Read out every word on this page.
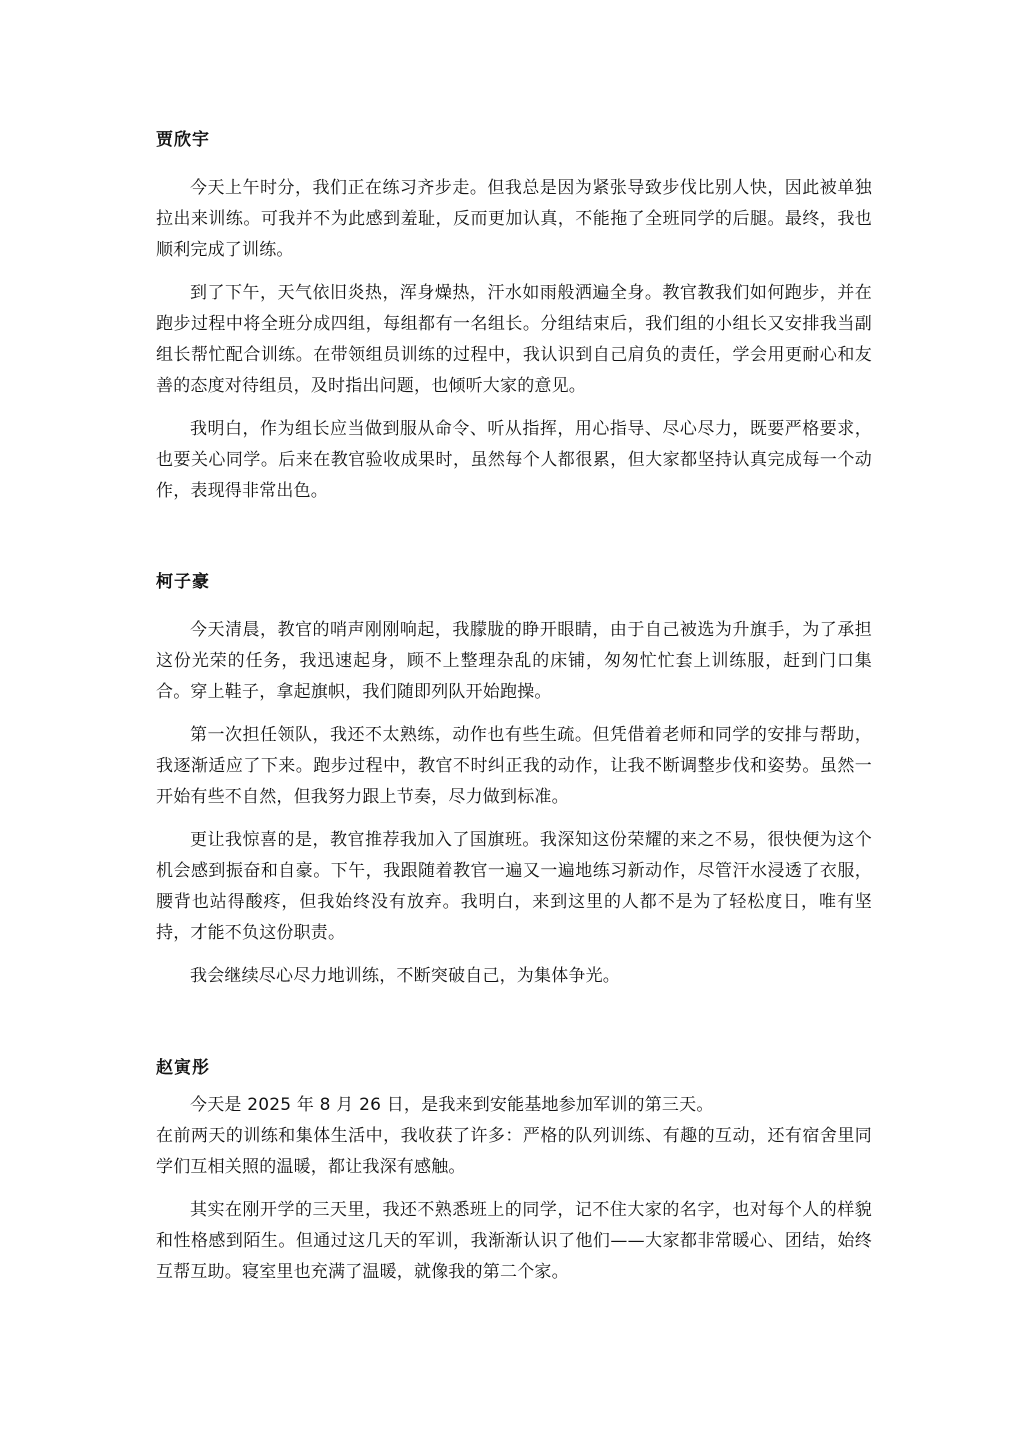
贾欣宇

今天上午时分，我们正在练习齐步走。但我总是因为紧张导致步伐比别人快，因此被单独拉出来训练。可我并不为此感到羞耻，反而更加认真，不能拖了全班同学的后腿。最终，我也顺利完成了训练。

到了下午，天气依旧炎热，浑身燥热，汗水如雨般洒遍全身。教官教我们如何跑步，并在跑步过程中将全班分成四组，每组都有一名组长。分组结束后，我们组的小组长又安排我当副组长帮忙配合训练。在带领组员训练的过程中，我认识到自己肩负的责任，学会用更耐心和友善的态度对待组员，及时指出问题，也倾听大家的意见。

我明白，作为组长应当做到服从命令、听从指挥，用心指导、尽心尽力，既要严格要求，也要关心同学。后来在教官验收成果时，虽然每个人都很累，但大家都坚持认真完成每一个动作，表现得非常出色。

柯子豪

今天清晨，教官的哨声刚刚响起，我朦胧的睁开眼睛，由于自己被选为升旗手，为了承担这份光荣的任务，我迅速起身，顾不上整理杂乱的床铺，匆匆忙忙套上训练服，赶到门口集合。穿上鞋子，拿起旗帜，我们随即列队开始跑操。

第一次担任领队，我还不太熟练，动作也有些生疏。但凭借着老师和同学的安排与帮助，我逐渐适应了下来。跑步过程中，教官不时纠正我的动作，让我不断调整步伐和姿势。虽然一开始有些不自然，但我努力跟上节奏，尽力做到标准。

更让我惊喜的是，教官推荐我加入了国旗班。我深知这份荣耀的来之不易，很快便为这个机会感到振奋和自豪。下午，我跟随着教官一遍又一遍地练习新动作，尽管汗水浸透了衣服，腰背也站得酸疼，但我始终没有放弃。我明白，来到这里的人都不是为了轻松度日，唯有坚持，才能不负这份职责。

我会继续尽心尽力地训练，不断突破自己，为集体争光。

赵寅彤

今天是 2025 年 8 月 26 日，是我来到安能基地参加军训的第三天。

在前两天的训练和集体生活中，我收获了许多：严格的队列训练、有趣的互动，还有宿舍里同学们互相关照的温暖，都让我深有感触。

其实在刚开学的三天里，我还不熟悉班上的同学，记不住大家的名字，也对每个人的样貌和性格感到陌生。但通过这几天的军训，我渐渐认识了他们——大家都非常暖心、团结，始终互帮互助。寝室里也充满了温暖，就像我的第二个家。
